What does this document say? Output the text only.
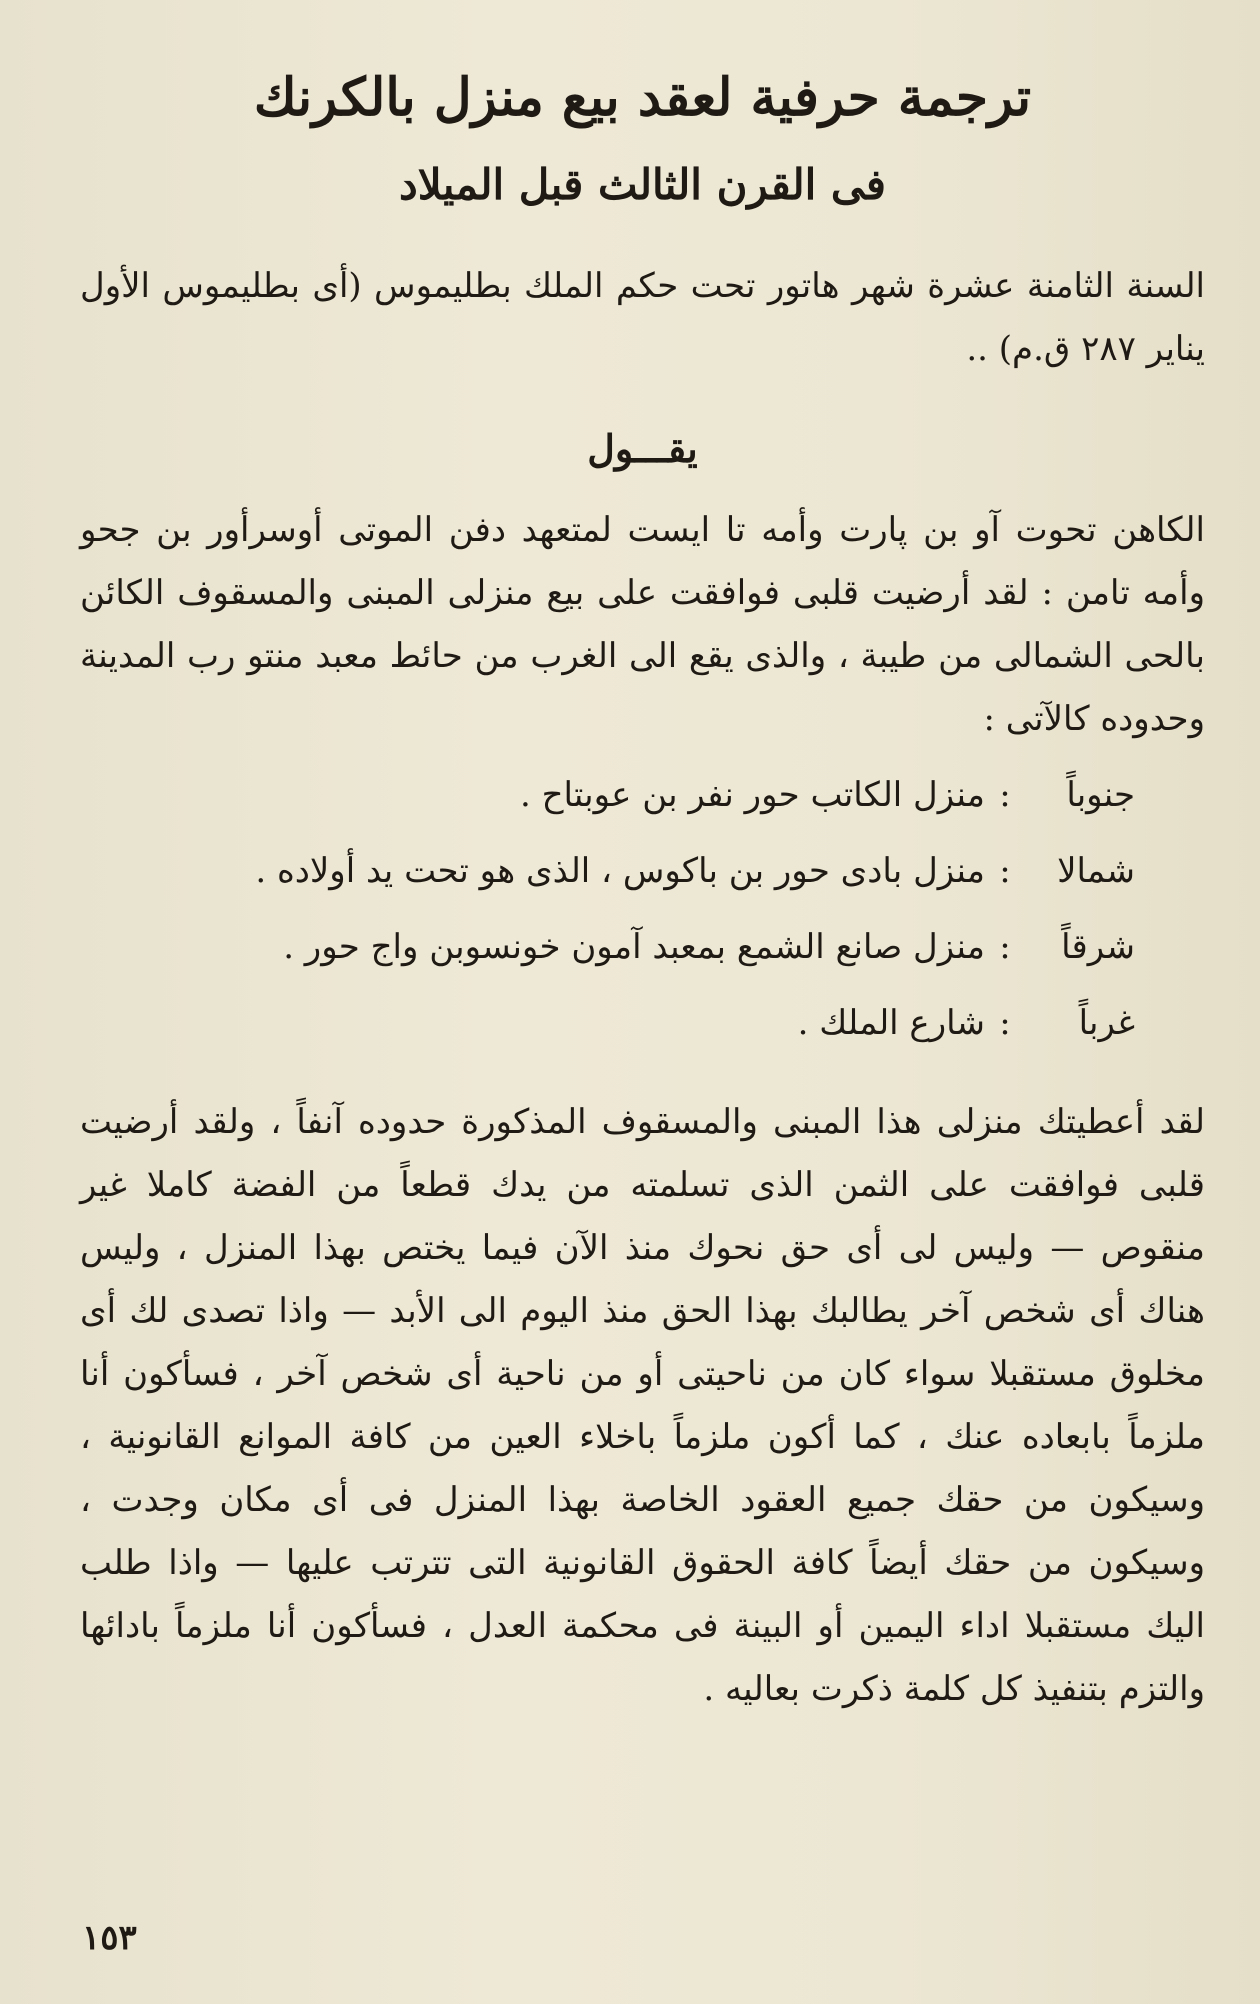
ترجمة حرفية لعقد بيع منزل بالكرنك
فى القرن الثالث قبل الميلاد

السنة الثامنة عشرة شهر هاتور تحت حكم الملك بطليموس (أى بطليموس الأول يناير ٢٨٧ ق.م) ..

يقـــول

الكاهن تحوت آو بن پارت وأمه تا ايست لمتعهد دفن الموتى أوسرأور بن جحو وأمه تامن : لقد أرضيت قلبى فوافقت على بيع منزلى المبنى والمسقوف الكائن بالحى الشمالى من طيبة ، والذى يقع الى الغرب من حائط معبد منتو رب المدينة وحدوده كالآتى :

جنوباً
:
منزل الكاتب حور نفر بن عوبتاح .
شمالا
:
منزل بادى حور بن باكوس ، الذى هو تحت يد أولاده .
شرقاً
:
منزل صانع الشمع بمعبد آمون خونسوبن واج حور .
غرباً
:
شارع الملك .

لقد أعطيتك منزلى هذا المبنى والمسقوف المذكورة حدوده آنفاً ، ولقد أرضيت قلبى فوافقت على الثمن الذى تسلمته من يدك قطعاً من الفضة كاملا غير منقوص — وليس لى أى حق نحوك منذ الآن فيما يختص بهذا المنزل ، وليس هناك أى شخص آخر يطالبك بهذا الحق منذ اليوم الى الأبد — واذا تصدى لك أى مخلوق مستقبلا سواء كان من ناحيتى أو من ناحية أى شخص آخر ، فسأكون أنا ملزماً بابعاده عنك ، كما أكون ملزماً باخلاء العين من كافة الموانع القانونية ، وسيكون من حقك جميع العقود الخاصة بهذا المنزل فى أى مكان وجدت ، وسيكون من حقك أيضاً كافة الحقوق القانونية التى تترتب عليها — واذا طلب اليك مستقبلا اداء اليمين أو البينة فى محكمة العدل ، فسأكون أنا ملزماً بادائها والتزم بتنفيذ كل كلمة ذكرت بعاليه .

١٥٣
